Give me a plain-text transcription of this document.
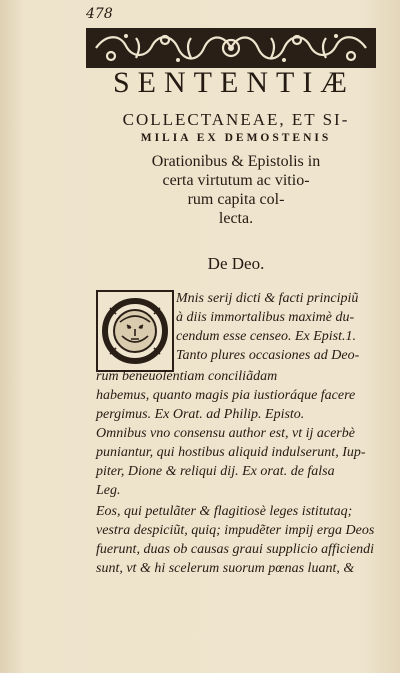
478
SENTENTIÆ
COLLECTANEAE, ET SI-
MILIA EX DEMOSTENIS
Orationibus & Epistolis in
certa virtutum ac vitio-
rum capita col-
lecta.
De Deo.
Mnis serij dicti & facti principiũ
à diis immortalibus maximè du-
cendum esse censeo. Ex Epist.1.
Tanto plures occasiones ad Deo-
rum beneuolentiam conciliãdam
habemus, quanto magis pia iustioráque facere
pergimus. Ex Orat. ad Philip. Episto.
Omnibus vno consensu author est, vt ij acerbè
puniantur, qui hostibus aliquid indulserunt, Iup-
piter, Dione & reliqui dij. Ex orat. de falsa
Leg.
Eos, qui petulãter & flagitiosè leges istitutaq;
vestra despiciũt, quiq; impudẽter impij erga Deos
fuerunt, duas ob causas graui supplicio afficiendi
sunt, vt & hi scelerum suorum pœnas luant, &
